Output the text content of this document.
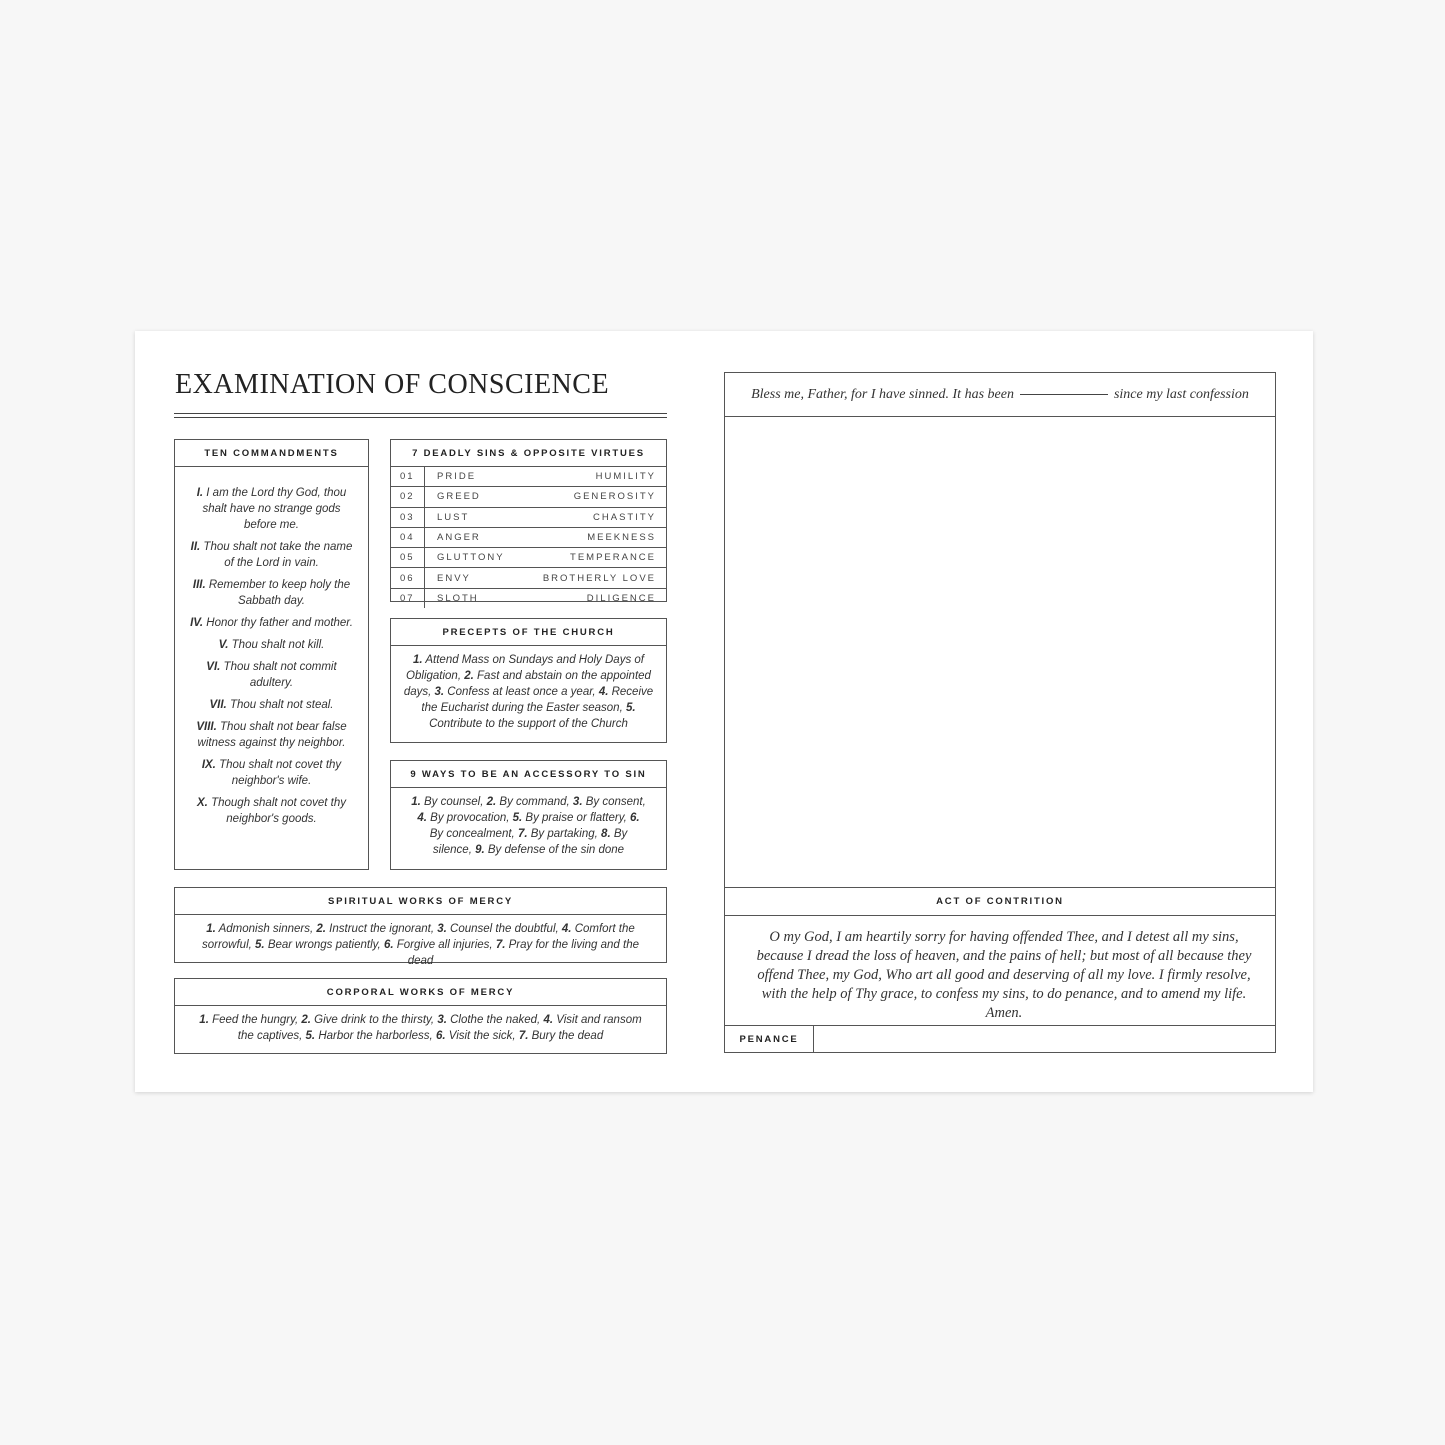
EXAMINATION OF CONSCIENCE
TEN COMMANDMENTS
I. I am the Lord thy God, thou shalt have no strange gods before me.
II. Thou shalt not take the name of the Lord in vain.
III. Remember to keep holy the Sabbath day.
IV. Honor thy father and mother.
V. Thou shalt not kill.
VI. Thou shalt not commit adultery.
VII. Thou shalt not steal.
VIII. Thou shalt not bear false witness against thy neighbor.
IX. Thou shalt not covet thy neighbor's wife.
X. Though shalt not covet thy neighbor's goods.
7 DEADLY SINS & OPPOSITE VIRTUES
01	PRIDE	HUMILITY
02	GREED	GENEROSITY
03	LUST	CHASTITY
04	ANGER	MEEKNESS
05	GLUTTONY	TEMPERANCE
06	ENVY	BROTHERLY LOVE
07	SLOTH	DILIGENCE
PRECEPTS OF THE CHURCH
1. Attend Mass on Sundays and Holy Days of Obligation, 2. Fast and abstain on the appointed days, 3. Confess at least once a year, 4. Receive the Eucharist during the Easter season, 5. Contribute to the support of the Church
9 WAYS TO BE AN ACCESSORY TO SIN
1. By counsel, 2. By command, 3. By consent, 4. By provocation, 5. By praise or flattery, 6. By concealment, 7. By partaking, 8. By silence, 9. By defense of the sin done
SPIRITUAL WORKS OF MERCY
1. Admonish sinners, 2. Instruct the ignorant, 3. Counsel the doubtful, 4. Comfort the sorrowful, 5. Bear wrongs patiently, 6. Forgive all injuries, 7. Pray for the living and the dead
CORPORAL WORKS OF MERCY
1. Feed the hungry, 2. Give drink to the thirsty, 3. Clothe the naked, 4. Visit and ransom the captives, 5. Harbor the harborless, 6. Visit the sick, 7. Bury the dead
Bless me, Father, for I have sinned. It has been	since my last confession
ACT OF CONTRITION
O my God, I am heartily sorry for having offended Thee, and I detest all my sins, because I dread the loss of heaven, and the pains of hell; but most of all because they offend Thee, my God, Who art all good and deserving of all my love. I firmly resolve, with the help of Thy grace, to confess my sins, to do penance, and to amend my life. Amen.
PENANCE
